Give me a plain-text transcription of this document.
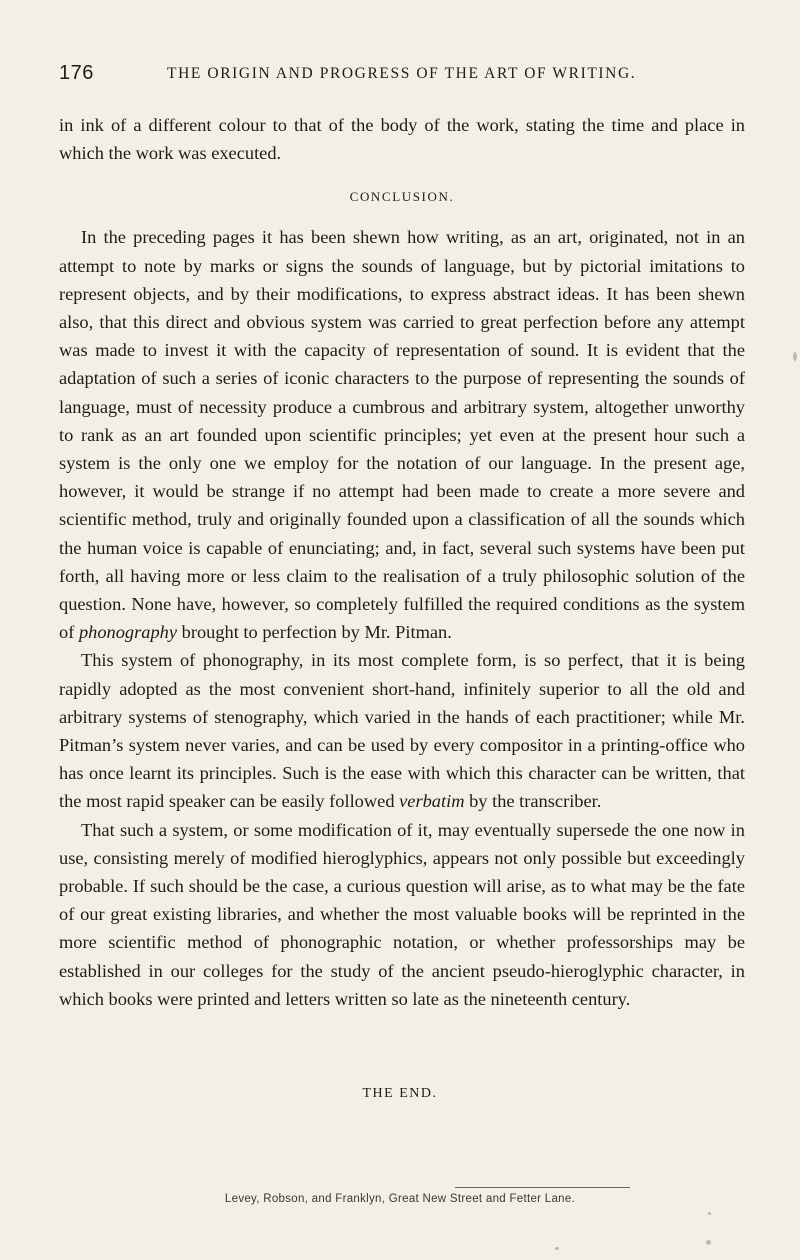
176	THE ORIGIN AND PROGRESS OF THE ART OF WRITING.

in ink of a different colour to that of the body of the work, stating the time and place in which the work was executed.

CONCLUSION.

In the preceding pages it has been shewn how writing, as an art, originated, not in an attempt to note by marks or signs the sounds of language, but by pictorial imitations to represent objects, and by their modifications, to express abstract ideas. It has been shewn also, that this direct and obvious system was carried to great perfection before any attempt was made to invest it with the capacity of representation of sound. It is evident that the adaptation of such a series of iconic characters to the purpose of representing the sounds of language, must of necessity produce a cumbrous and arbitrary system, altogether unworthy to rank as an art founded upon scientific principles; yet even at the present hour such a system is the only one we employ for the notation of our language. In the present age, however, it would be strange if no attempt had been made to create a more severe and scientific method, truly and originally founded upon a classification of all the sounds which the human voice is capable of enunciating; and, in fact, several such systems have been put forth, all having more or less claim to the realisation of a truly philosophic solution of the question. None have, however, so completely fulfilled the required conditions as the system of phonography brought to perfection by Mr. Pitman.

This system of phonography, in its most complete form, is so perfect, that it is being rapidly adopted as the most convenient short-hand, infinitely superior to all the old and arbitrary systems of stenography, which varied in the hands of each practitioner; while Mr. Pitman’s system never varies, and can be used by every compositor in a printing-office who has once learnt its principles. Such is the ease with which this character can be written, that the most rapid speaker can be easily followed verbatim by the transcriber.

That such a system, or some modification of it, may eventually supersede the one now in use, consisting merely of modified hieroglyphics, appears not only possible but exceedingly probable. If such should be the case, a curious question will arise, as to what may be the fate of our great existing libraries, and whether the most valuable books will be reprinted in the more scientific method of phonographic notation, or whether professorships may be established in our colleges for the study of the ancient pseudo-hieroglyphic character, in which books were printed and letters written so late as the nineteenth century.

THE END.
Levey, Robson, and Franklyn, Great New Street and Fetter Lane.
